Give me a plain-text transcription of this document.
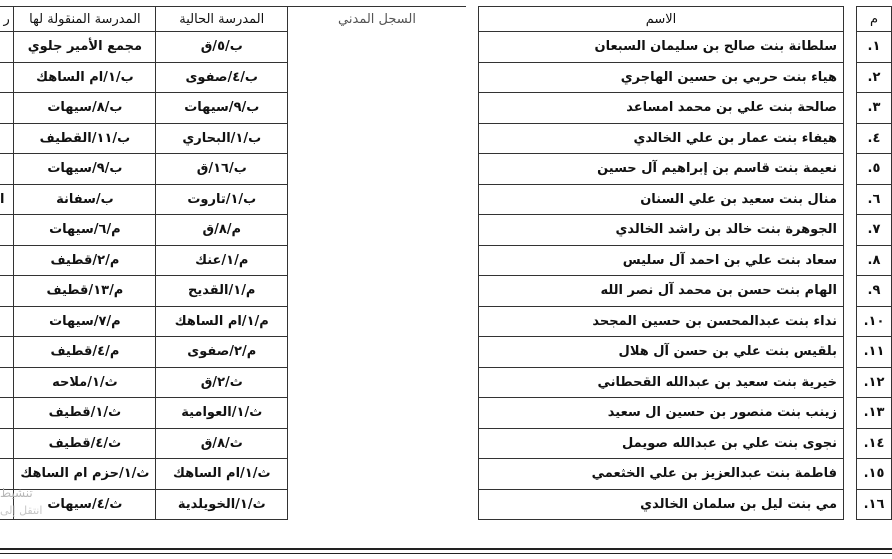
ر	المدرسة المنقولة لها	المدرسة الحالية	السجل المدني		الاسم		م
	مجمع الأمير جلوي	ب/٥/ق			سلطانة بنت صالح بن سليمان السبعان		١.
	ب/١/ام الساهك	ب/٤/صفوى			هياء بنت حربي بن حسين الهاجري		٢.
	ب/٨/سيهات	ب/٩/سيهات			صالحة بنت علي بن محمد امساعد		٣.
	ب/١١/القطيف	ب/١/البحاري			هيفاء بنت عمار بن علي الخالدي		٤.
	ب/٩/سيهات	ب/١٦/ق			نعيمة بنت قاسم بن إبراهيم آل حسين		٥.
ا	ب/سفانة	ب/١/تاروت			منال بنت سعيد بن علي السنان		٦.
	م/٦/سيهات	م/٨/ق			الجوهرة بنت خالد بن راشد الخالدي		٧.
	م/٢/قطيف	م/١/عنك			سعاد بنت علي بن احمد آل سليس		٨.
	م/١٣/قطيف	م/١/القديح			الهام بنت حسن بن محمد آل نصر الله		٩.
	م/٧/سيهات	م/١/ام الساهك			نداء بنت عبدالمحسن بن حسين المجحد		١٠.
	م/٤/قطيف	م/٢/صفوى			بلقيس بنت علي بن حسن آل هلال		١١.
	ث/١/ملاحه	ث/٢/ق			خيرية بنت سعيد بن عبدالله القحطاني		١٢.
	ث/١/قطيف	ث/١/العوامية			زينب بنت منصور بن حسين ال سعيد		١٣.
	ث/٤/قطيف	ث/٨/ق			نجوى بنت علي بن عبدالله صويمل		١٤.
	ث/١/حزم ام الساهك	ث/١/ام الساهك			فاطمة بنت عبدالعزيز بن علي الخثعمي		١٥.
	ث/٤/سيهات	ث/١/الخويلدية			مي بنت ليل بن سلمان الخالدي		١٦.
تنشيط
انتقل إلى
